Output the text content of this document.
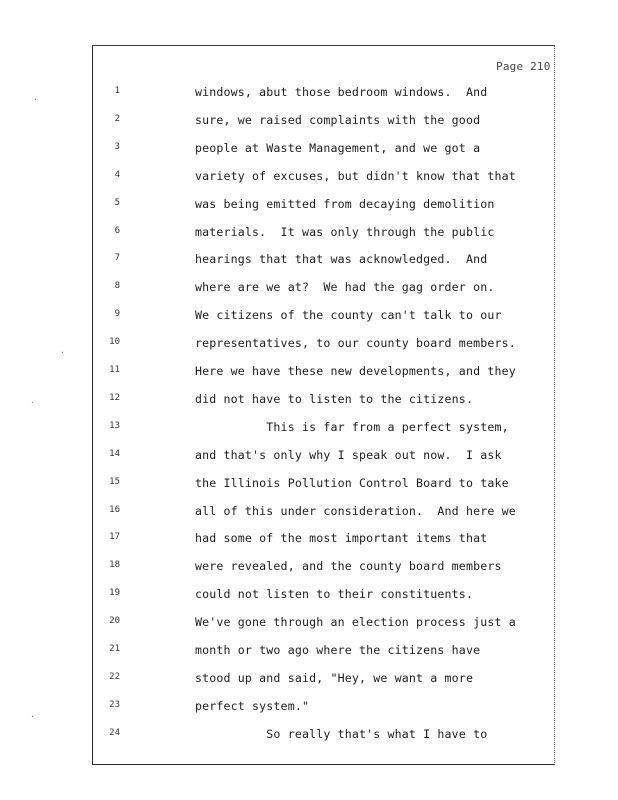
Page 210
1	windows, abut those bedroom windows.  And
2	sure, we raised complaints with the good
3	people at Waste Management, and we got a
4	variety of excuses, but didn't know that that
5	was being emitted from decaying demolition
6	materials.  It was only through the public
7	hearings that that was acknowledged.  And
8	where are we at?  We had the gag order on.
9	We citizens of the county can't talk to our
10	representatives, to our county board members.
11	Here we have these new developments, and they
12	did not have to listen to the citizens.
13	This is far from a perfect system,
14	and that's only why I speak out now.  I ask
15	the Illinois Pollution Control Board to take
16	all of this under consideration.  And here we
17	had some of the most important items that
18	were revealed, and the county board members
19	could not listen to their constituents.
20	We've gone through an election process just a
21	month or two ago where the citizens have
22	stood up and said, "Hey, we want a more
23	perfect system."
24	So really that's what I have to
·
·
·
·
